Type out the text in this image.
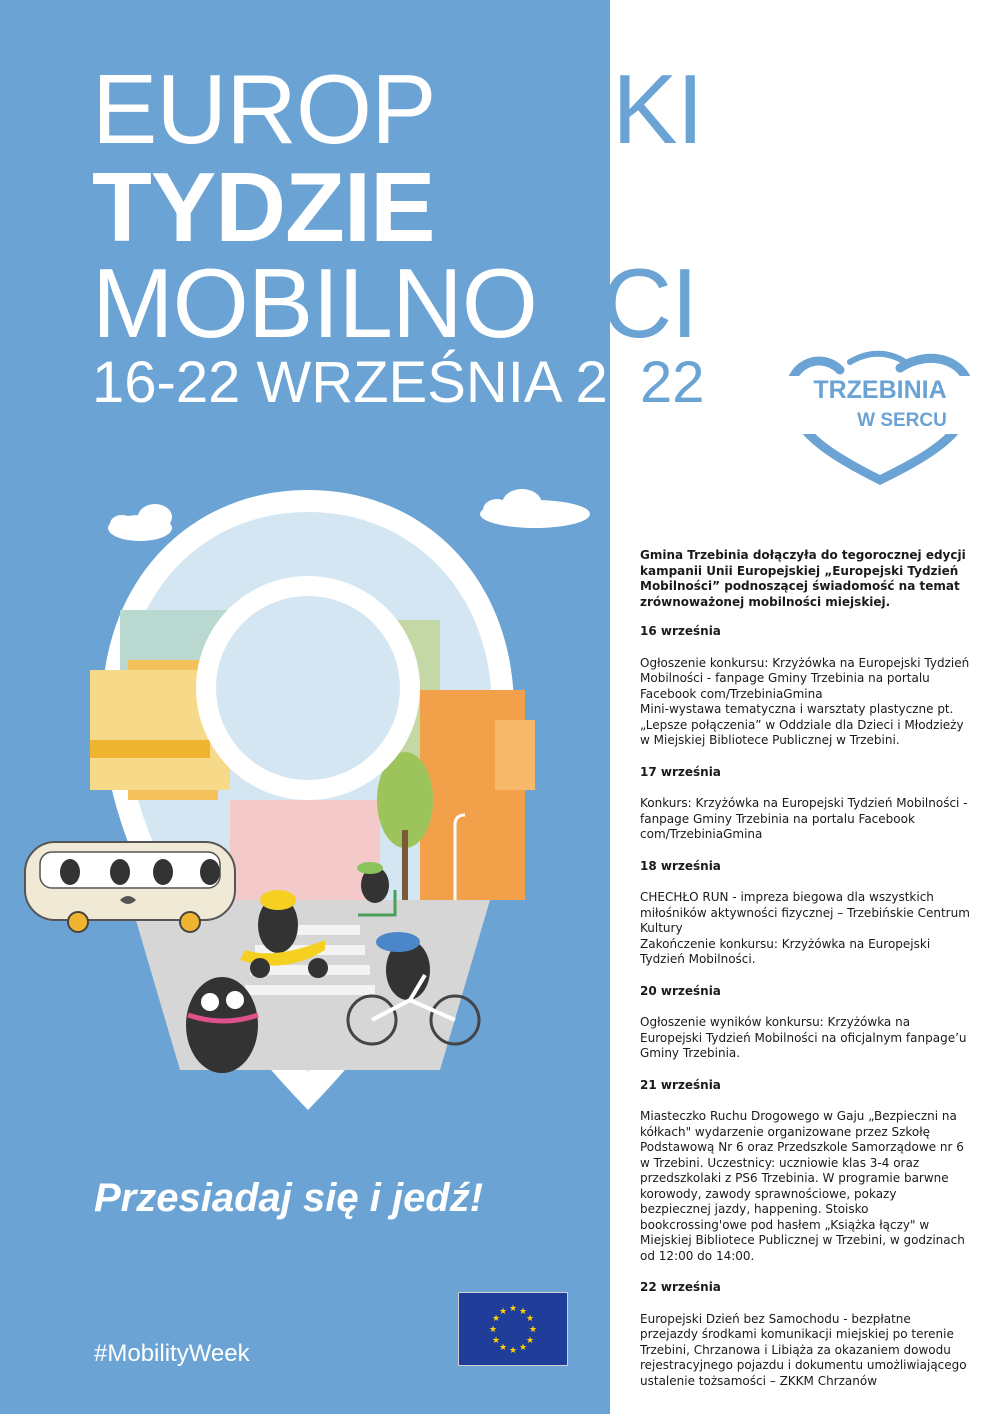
EUROPEJSKI
TYDZIEŃ
MOBILNOŚCI
16-22 WRZEŚNIA 2022	TRZEBINIA
W SERCU
Przesiadaj się i jedź!
#MobilityWeek
★ ★
★
★
★
★
★
★
★
★
★
★

Gmina Trzebinia dołączyła do tegorocznej edycji kampanii Unii Europejskiej „Europejski Tydzień Mobilności” podnoszącej świadomość na temat zrównoważonej mobilności miejskiej.

16 września

Ogłoszenie konkursu: Krzyżówka na Europejski Tydzień Mobilności - fanpage Gminy Trzebinia na portalu Facebook com/TrzebiniaGmina
Mini-wystawa tematyczna i warsztaty plastyczne pt. „Lepsze połączenia” w Oddziale dla Dzieci i Młodzieży w Miejskiej Bibliotece Publicznej w Trzebini.

17 września

Konkurs: Krzyżówka na Europejski Tydzień Mobilności - fanpage Gminy Trzebinia na portalu Facebook com/TrzebiniaGmina

18 września

CHECHŁO RUN - impreza biegowa dla wszystkich miłośników aktywności fizycznej – Trzebińskie Centrum Kultury
Zakończenie konkursu: Krzyżówka na Europejski Tydzień Mobilności.

20 września

Ogłoszenie wyników konkursu: Krzyżówka na Europejski Tydzień Mobilności na oficjalnym fanpage’u Gminy Trzebinia.

21 września

Miasteczko Ruchu Drogowego w Gaju „Bezpieczni na kółkach" wydarzenie organizowane przez Szkołę Podstawową Nr 6 oraz Przedszkole Samorządowe nr 6 w Trzebini. Uczestnicy: uczniowie klas 3-4 oraz przedszkolaki z PS6 Trzebinia. W programie barwne korowody, zawody sprawnościowe, pokazy bezpiecznej jazdy, happening. Stoisko bookcrossing'owe pod hasłem „Książka łączy" w Miejskiej Bibliotece Publicznej w Trzebini, w godzinach od 12:00 do 14:00.

22 września

Europejski Dzień bez Samochodu - bezpłatne przejazdy środkami komunikacji miejskiej po terenie Trzebini, Chrzanowa i Libiąża za okazaniem dowodu rejestracyjnego pojazdu i dokumentu umożliwiającego ustalenie tożsamości – ZKKM Chrzanów
